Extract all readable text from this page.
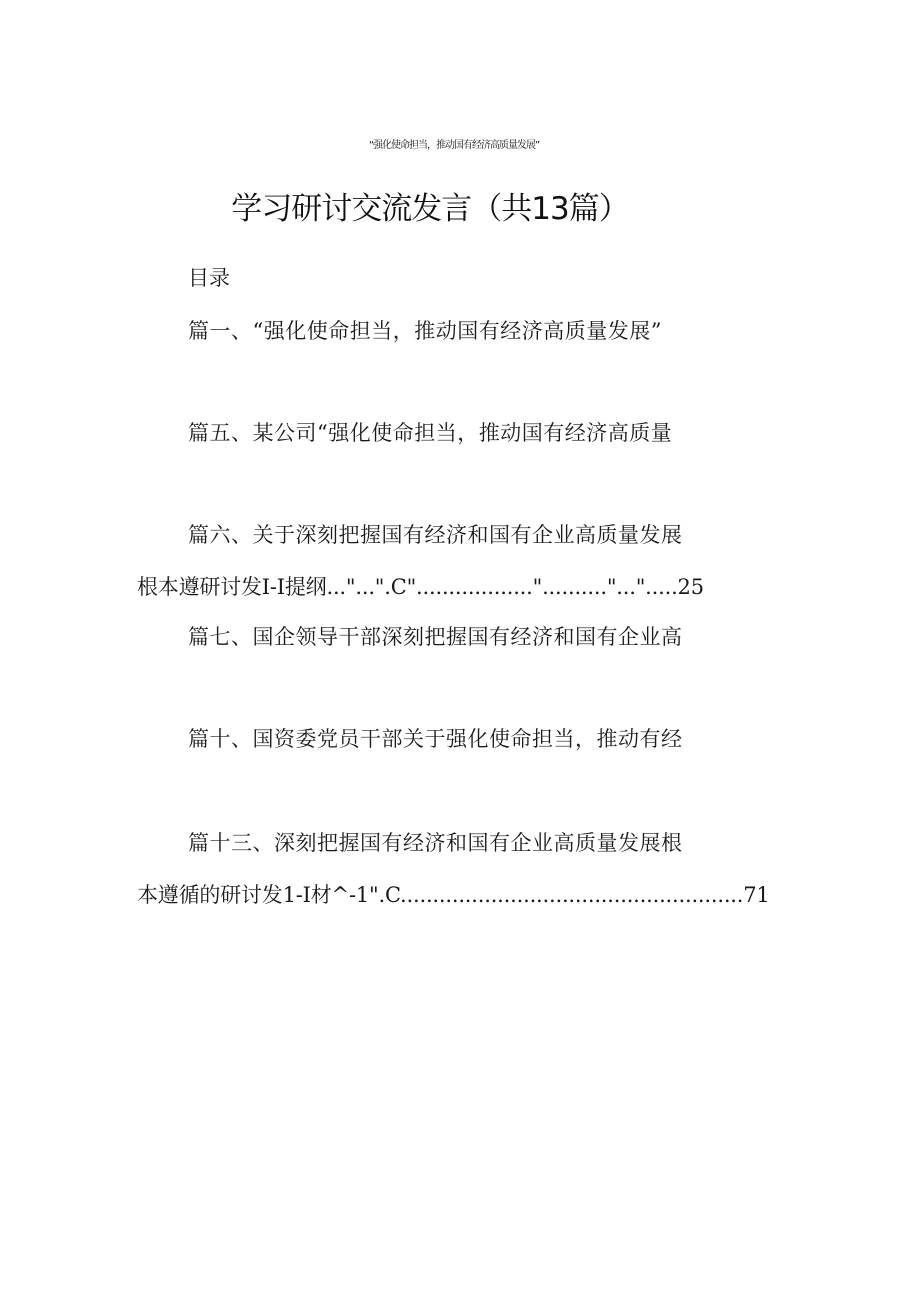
“强化使命担当，推动国有经济高质量发展”
学习研讨交流发言（共13篇）
目录
篇一、“强化使命担当，推动国有经济高质量发展”
篇五、某公司“强化使命担当，推动国有经济高质量
篇六、关于深刻把握国有经济和国有企业高质量发展
根本遵研讨发I-I提纲..."...".C"..................".........."...".....25
篇七、国企领导干部深刻把握国有经济和国有企业高
篇十、国资委党员干部关于强化使命担当，推动有经
篇十三、深刻把握国有经济和国有企业高质量发展根
本遵循的研讨发1-I材^-1".C.....................................................71
